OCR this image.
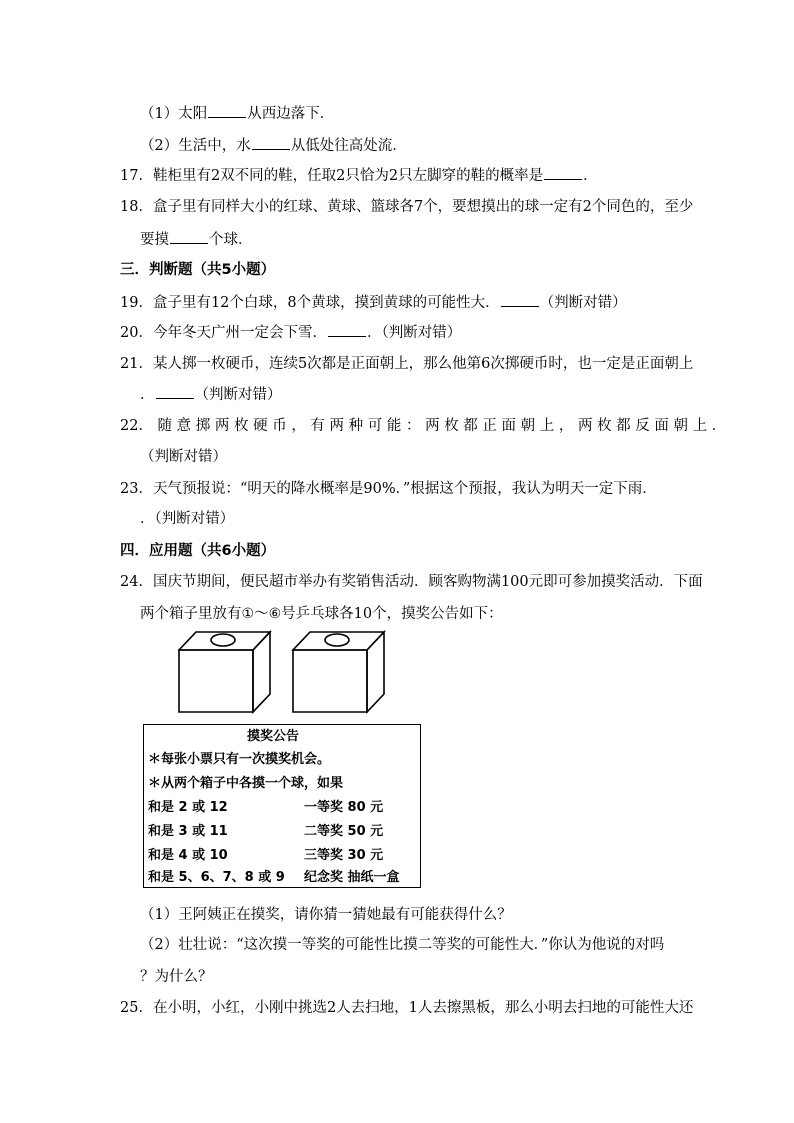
（1）太阳	从西边落下．
（2）生活中，水	从低处往高处流．
17．鞋柜里有2双不同的鞋，任取2只恰为2只左脚穿的鞋的概率是	．
18．盒子里有同样大小的红球、黄球、篮球各7个，要想摸出的球一定有2个同色的，至少
要摸	个球．
三．判断题（共5小题）
19．盒子里有12个白球，8个黄球，摸到黄球的可能性大．	（判断对错）
20．今年冬天广州一定会下雪．	．（判断对错）
21．某人掷一枚硬币，连续5次都是正面朝上，那么他第6次掷硬币时，也一定是正面朝上
．	（判断对错）
22． 随 意 掷 两 枚 硬 币 ， 有 两 种 可 能 ： 两 枚 都 正 面 朝 上 ， 两 枚 都 反 面 朝 上 ．
（判断对错）
23．天气预报说：“明天的降水概率是90%．”根据这个预报，我认为明天一定下雨．
．（判断对错）
四．应用题（共6小题）
24．国庆节期间，便民超市举办有奖销售活动．顾客购物满100元即可参加摸奖活动．下面
两个箱子里放有①～⑥号乒乓球各10个，摸奖公告如下：
摸奖公告
＊每张小票只有一次摸奖机会。
＊从两个箱子中各摸一个球，如果
和是 2 或 12	一等奖 80 元
和是 3 或 11	二等奖 50 元
和是 4 或 10	三等奖 30 元
和是 5、6、7、8 或 9 纪念奖 抽纸一盒
（1）王阿姨正在摸奖，请你猜一猜她最有可能获得什么？
（2）壮壮说：“这次摸一等奖的可能性比摸二等奖的可能性大．”你认为他说的对吗
？为什么？
25．在小明，小红，小刚中挑选2人去扫地，1人去擦黑板，那么小明去扫地的可能性大还
